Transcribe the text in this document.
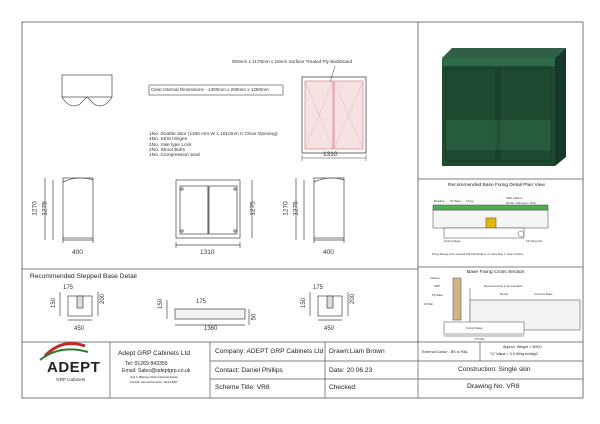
920mm x 1170mm x 18mm Surface Treated Ply Backboard
Clear Internal Dimensions - 1300mm x 290mm x 1250mm
1310
1No. Double door (1160 mm W x 1010mm H Clear Opening)
4No. St/St Hinges
1No. Yale type Lock
2No. Shoot Bolts
1No. Compression Seal
1270 1275
400
1275
1310
1270 1275
400
Recommended Stepped Base Detail
175
150	200
450
175
150
50
1360
175
150	200
450
Recommended Base Fixing Detail Plan View
Bedding Ply Base Fixing
GRP Cabinet
Mortar / Adhesive / Dust
Fixing Flange	Kit fixing bolt
Fixing Flange to be secured with M12 Bolts or no more than 1 meter Centres
Base Fixing Cross Section
Cabinet
GRP
Ply Base
Kit Bolt
Recessed Area to be extended
Fixing Flange
Concrete Base
Mortar
775 Max
ADEPT
GRP Cabinets
Adept GRP Cabinets Ltd
Tel: 01269 843355
Email: Sales@adeptgrp.co.uk
Unit 1, Blantyre Park Industrial Estate
Llanelli, Carmarthenshire, SA14 8NN
Company: ADEPT GRP Cabinets Ltd Drawn:Liam Brown
Contact: Daniel Phillips	Date: 20.06.23
Scheme Title: VR8	Checked:
External Colour - BS or RAL
Approx. Weight = 50KG
"U" Value = 3.0 W/sq.m/degC
Construction: Single skin
Drawing No. VR8
